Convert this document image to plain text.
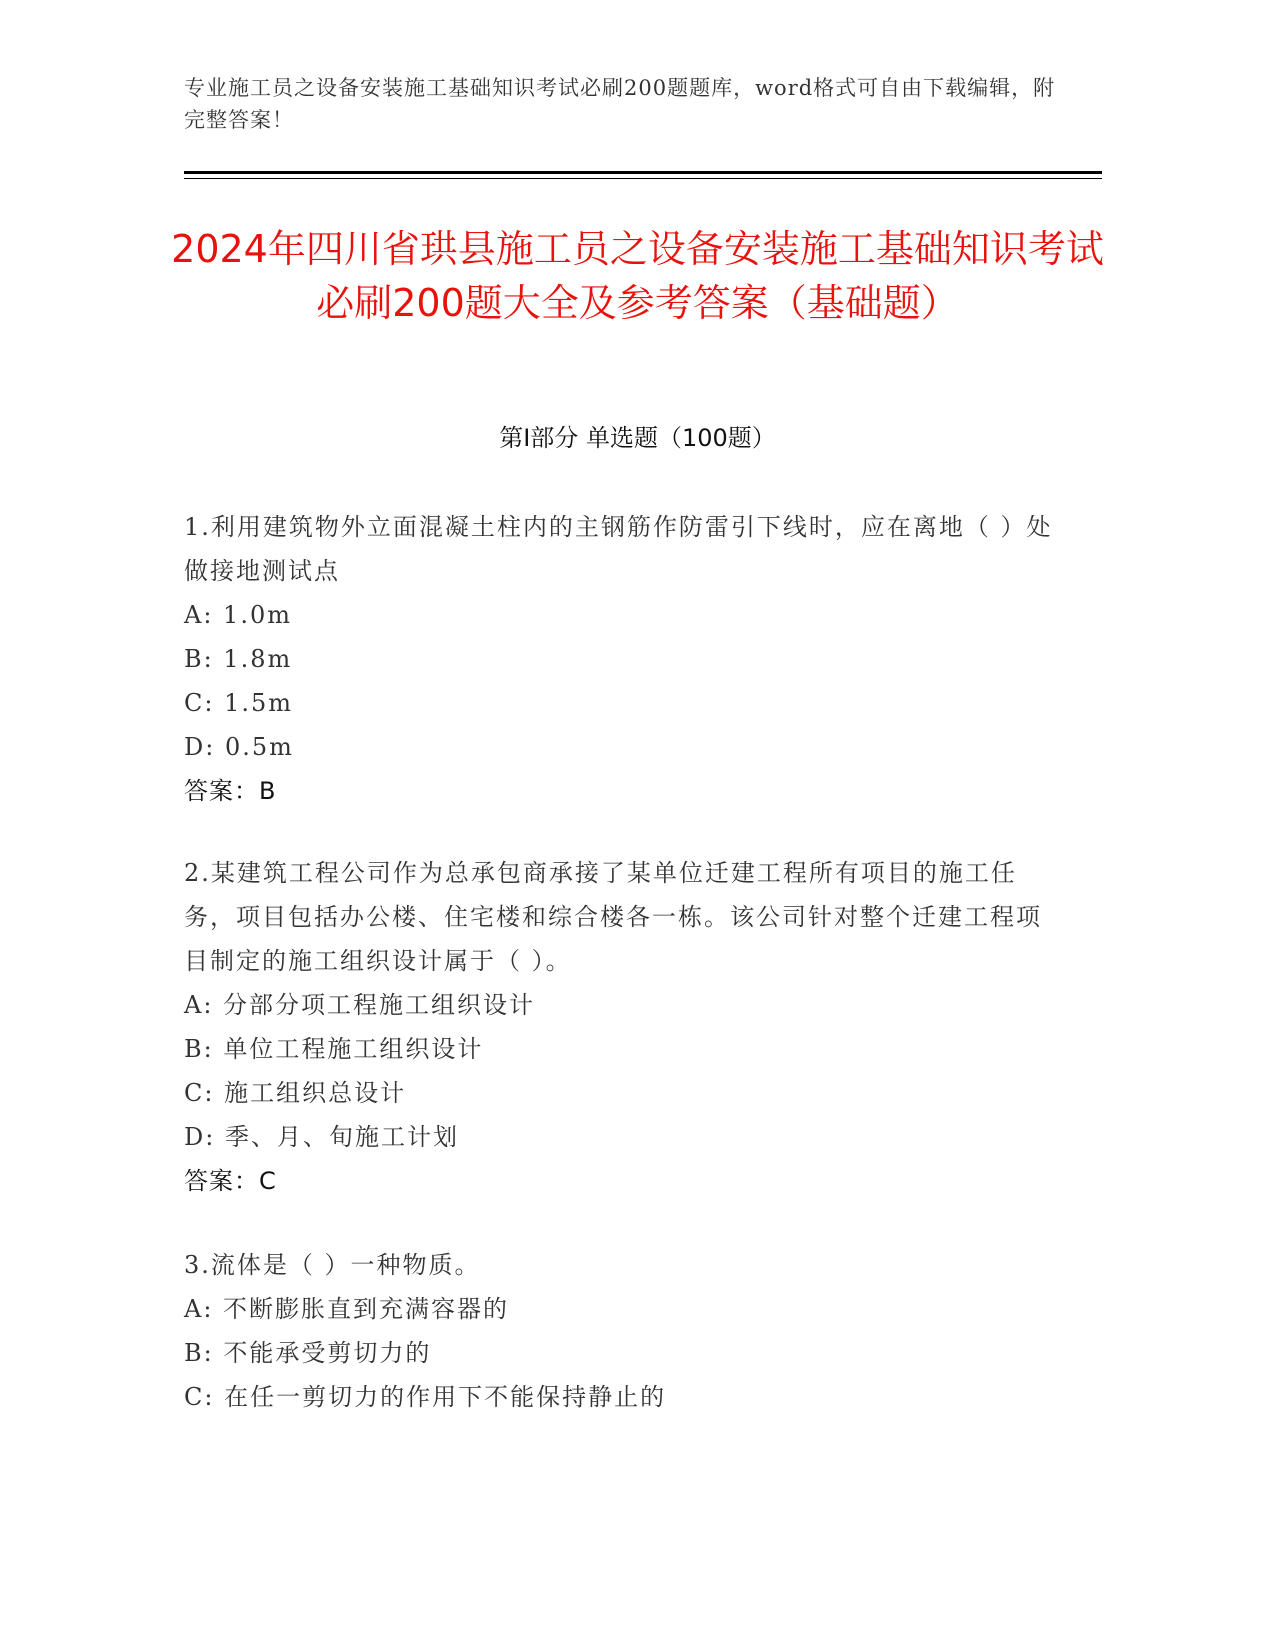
专业施工员之设备安装施工基础知识考试必刷200题题库，word格式可自由下载编辑，附完整答案！
2024年四川省珙县施工员之设备安装施工基础知识考试必刷200题大全及参考答案（基础题）
第Ⅰ部分 单选题（100题）

1.利用建筑物外立面混凝土柱内的主钢筋作防雷引下线时，应在离地（ ）处做接地测试点

A: 1.0m
B: 1.8m
C: 1.5m
D: 0.5m
答案：B

2.某建筑工程公司作为总承包商承接了某单位迁建工程所有项目的施工任务，项目包括办公楼、住宅楼和综合楼各一栋。该公司针对整个迁建工程项目制定的施工组织设计属于（ ）。

A: 分部分项工程施工组织设计
B: 单位工程施工组织设计
C: 施工组织总设计
D: 季、月、旬施工计划
答案：C

3.流体是（ ）一种物质。

A: 不断膨胀直到充满容器的
B: 不能承受剪切力的
C: 在任一剪切力的作用下不能保持静止的
